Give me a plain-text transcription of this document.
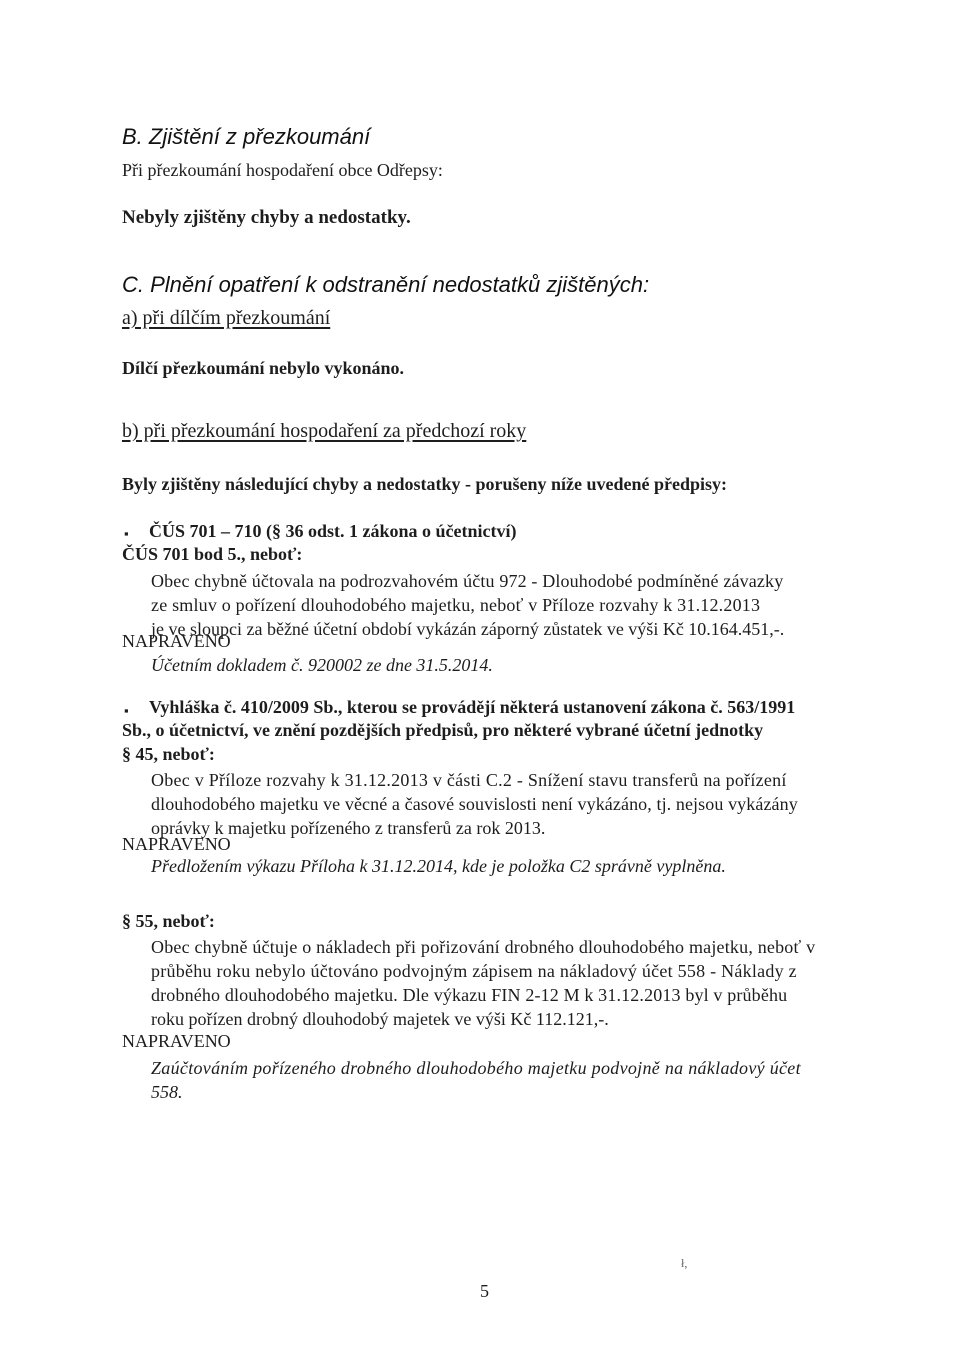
B. Zjištění z přezkoumání
Při přezkoumání hospodaření obce Odřepsy:
Nebyly zjištěny chyby a nedostatky.
C. Plnění opatření k odstranění nedostatků zjištěných:
a) při dílčím přezkoumání
Dílčí přezkoumání nebylo vykonáno.
b) při přezkoumání hospodaření za předchozí roky
Byly zjištěny následující chyby a nedostatky - porušeny níže uvedené předpisy:
▪ ČÚS 701 – 710 (§ 36 odst. 1 zákona o účetnictví)
ČÚS 701 bod 5., neboť:
Obec chybně účtovala na podrozvahovém účtu 972 - Dlouhodobé podmíněné závazky
ze smluv o pořízení dlouhodobého majetku, neboť v Příloze rozvahy k 31.12.2013
je ve sloupci za běžné účetní období vykázán záporný zůstatek ve výši Kč 10.164.451,-.
NAPRAVENO
Účetním dokladem č. 920002 ze dne 31.5.2014.
▪ Vyhláška č. 410/2009 Sb., kterou se provádějí některá ustanovení zákona č. 563/1991
Sb., o účetnictví, ve znění pozdějších předpisů, pro některé vybrané účetní jednotky
§ 45, neboť:
Obec v Příloze rozvahy k 31.12.2013 v části C.2 - Snížení stavu transferů na pořízení
dlouhodobého majetku ve věcné a časové souvislosti není vykázáno, tj. nejsou vykázány
oprávky k majetku pořízeného z transferů za rok 2013.
NAPRAVENO
Předložením výkazu Příloha k 31.12.2014, kde je položka C2 správně vyplněna.
§ 55, neboť:
Obec chybně účtuje o nákladech při pořizování drobného dlouhodobého majetku, neboť v
průběhu roku nebylo účtováno podvojným zápisem na nákladový účet 558 - Náklady z
drobného dlouhodobého majetku. Dle výkazu FIN 2-12 M k 31.12.2013 byl v průběhu
roku pořízen drobný dlouhodobý majetek ve výši Kč 112.121,-.
NAPRAVENO
Zaúčtováním pořízeného drobného dlouhodobého majetku podvojně na nákladový účet
558.
ł,
5
